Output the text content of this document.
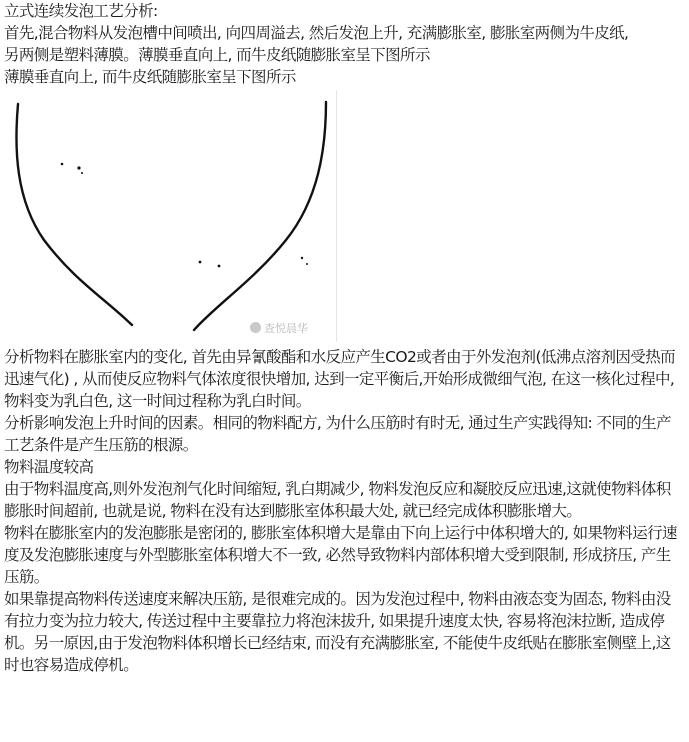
立式连续发泡工艺分析:
首先,混合物料从发泡槽中间喷出, 向四周溢去, 然后发泡上升, 充满膨胀室, 膨胀室两侧为牛皮纸,
另两侧是塑料薄膜。薄膜垂直向上, 而牛皮纸随膨胀室呈下图所示
薄膜垂直向上, 而牛皮纸随膨胀室呈下图所示
查悦晨华

分析物料在膨胀室内的变化, 首先由异氰酸酯和水反应产生CO2或者由于外发泡剂(低沸点溶剂因受热而迅速气化) , 从而使反应物料气体浓度很快增加, 达到一定平衡后,开始形成微细气泡, 在这一核化过程中, 物料变为乳白色, 这一时间过程称为乳白时间。

分析影响发泡上升时间的因素。相同的物料配方, 为什么压筋时有时无, 通过生产实践得知: 不同的生产工艺条件是产生压筋的根源。

物料温度较高

由于物料温度高,则外发泡剂气化时间缩短, 乳白期减少, 物料发泡反应和凝胶反应迅速,这就使物料体积膨胀时间超前, 也就是说, 物料在没有达到膨胀室体积最大处, 就已经完成体积膨胀增大。

物料在膨胀室内的发泡膨胀是密闭的, 膨胀室体积增大是靠由下向上运行中体积增大的, 如果物料运行速度及发泡膨胀速度与外型膨胀室体积增大不一致, 必然导致物料内部体积增大受到限制, 形成挤压, 产生压筋。

如果靠提高物料传送速度来解决压筋, 是很难完成的。因为发泡过程中, 物料由液态变为固态, 物料由没有拉力变为拉力较大, 传送过程中主要靠拉力将泡沫拔升, 如果提升速度太快, 容易将泡沫拉断, 造成停机。另一原因,由于发泡物料体积增长已经结束, 而没有充满膨胀室, 不能使牛皮纸贴在膨胀室侧壁上,这时也容易造成停机。
